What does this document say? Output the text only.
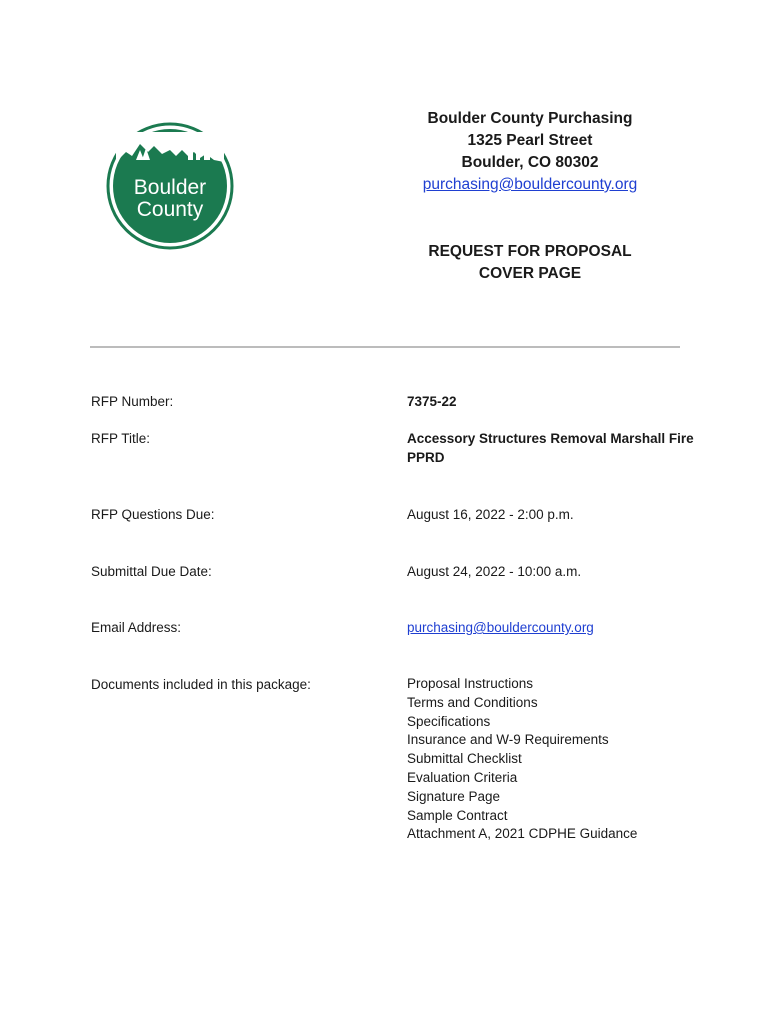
Boulder
County
Boulder County Purchasing
1325 Pearl Street
Boulder, CO 80302
purchasing@bouldercounty.org
REQUEST FOR PROPOSAL
COVER PAGE
RFP Number:	7375-22
RFP Title:	Accessory Structures Removal Marshall Fire PPRD
RFP Questions Due:	August 16, 2022 - 2:00 p.m.
Submittal Due Date:	August 24, 2022 - 10:00 a.m.
Email Address:	purchasing@bouldercounty.org
Documents included in this package:	Proposal Instructions
Terms and Conditions
Specifications
Insurance and W-9 Requirements
Submittal Checklist
Evaluation Criteria
Signature Page
Sample Contract
Attachment A, 2021 CDPHE Guidance
